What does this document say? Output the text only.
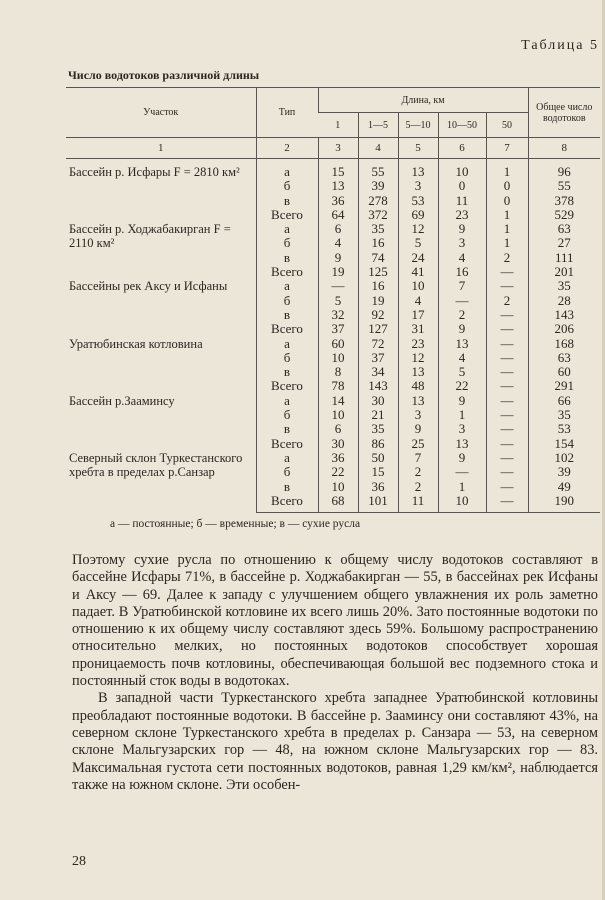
Таблица 5
Число водотоков различной длины
Участок	Тип	Длина, км					Общее число водотоков
		1	1—5	5—10	10—50	50	
1	2	3	4	5	6	7	8
Бассейн р. Исфары F = 2810 км²	а	15	55	13	10	1	96
	б	13	39	3	0	0	55
	в	36	278	53	11	0	378
	Всего	64	372	69	23	1	529
Бассейн р. Ходжабакирган F = 2110 км²	а	6	35	12	9	1	63
	б	4	16	5	3	1	27
	в	9	74	24	4	2	111
	Всего	19	125	41	16	—	201
Бассейны рек Аксу и Исфаны	а	—	16	10	7	—	35
	б	5	19	4	—	2	28
	в	32	92	17	2	—	143
	Всего	37	127	31	9	—	206
Уратюбинская котловина	а	60	72	23	13	—	168
	б	10	37	12	4	—	63
	в	8	34	13	5	—	60
	Всего	78	143	48	22	—	291
Бассейн р.Зааминсу	а	14	30	13	9	—	66
	б	10	21	3	1	—	35
	в	6	35	9	3	—	53
	Всего	30	86	25	13	—	154
Северный склон Туркестанского хребта в пределах р.Санзар	а	36	50	7	9	—	102
	б	22	15	2	—	—	39
	в	10	36	2	1	—	49
	Всего	68	101	11	10	—	190
а — постоянные; б — временные; в — сухие русла

Поэтому сухие русла по отношению к общему числу водотоков составляют в бассейне Исфары 71%, в бассейне р. Ходжабакирган — 55, в бассейнах рек Исфаны и Аксу — 69. Далее к западу с улучшением общего увлажнения их роль заметно падает. В Уратюбинской котловине их всего лишь 20%. Зато постоянные водотоки по отношению к их общему числу составляют здесь 59%. Большому распространению относительно мелких, но постоянных водотоков способствует хорошая проницаемость почв котловины, обеспечивающая большой вес подземного стока и постоянный сток воды в водотоках.

В западной части Туркестанского хребта западнее Уратюбинской котловины преобладают постоянные водотоки. В бассейне р. Зааминсу они составляют 43%, на северном склоне Туркестанского хребта в пределах р. Санзара — 53, на северном склоне Мальгузарских гор — 48, на южном склоне Мальгузарских гор — 83. Максимальная густота сети постоянных водотоков, равная 1,29 км/км², наблюдается также на южном склоне. Эти особен-

28
